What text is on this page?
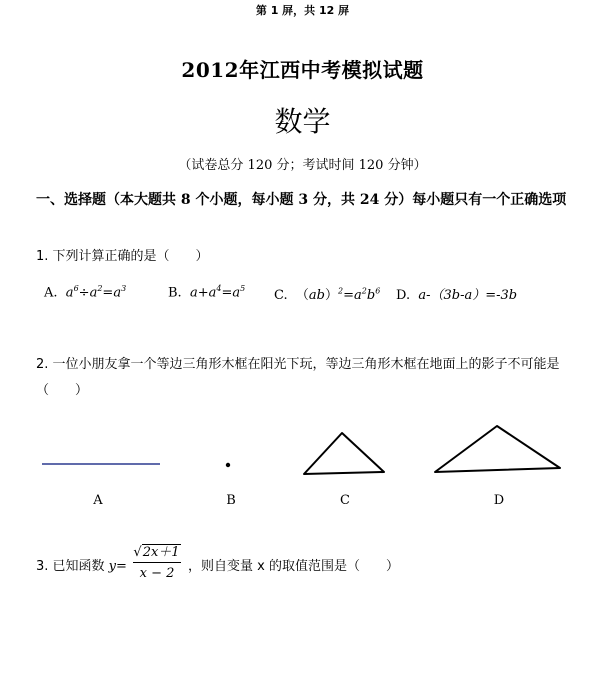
第 1 屏，共 12 屏
2012年江西中考模拟试题
数学
（试卷总分 120 分；考试时间 120 分钟）
一、选择题（本大题共 8 个小题，每小题 3 分，共 24 分）每小题只有一个正确选项
1. 下列计算正确的是（　　）
A. $a^6\div a^2=a^3$	B. $a+a^4=a^5$ C. $(ab)^2=a^2b^6$ D. a-（3b-a）=-3b
2. 一位小朋友拿一个等边三角形木框在阳光下玩，等边三角形木框在地面上的影子不可能是（　　）
A	B	C	D
3. 已知函数 y=
√2x＋1
x − 2	，则自变量 x 的取值范围是（　　）
